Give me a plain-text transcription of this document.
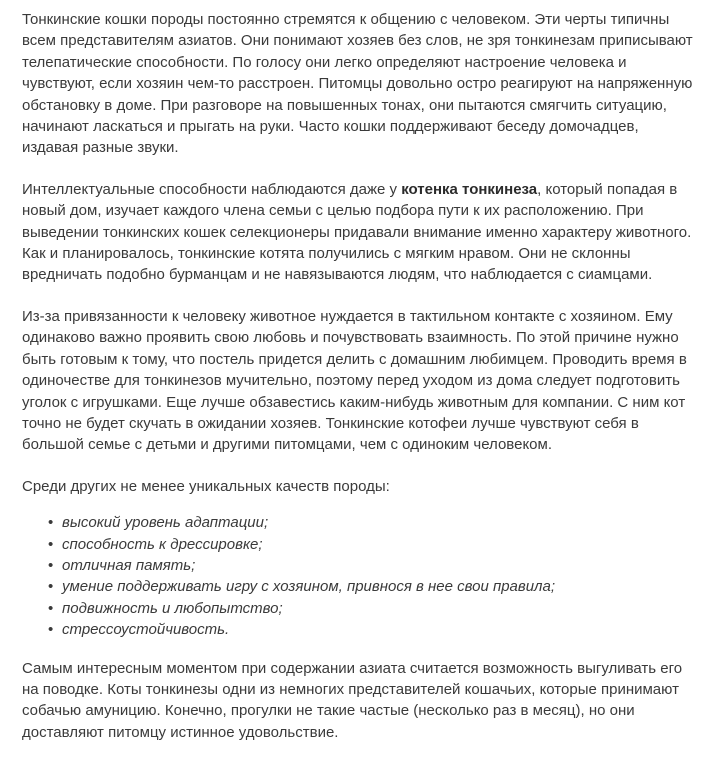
Тонкинские кошки породы постоянно стремятся к общению с человеком. Эти черты типичны всем представителям азиатов. Они понимают хозяев без слов, не зря тонкинезам приписывают телепатические способности. По голосу они легко определяют настроение человека и чувствуют, если хозяин чем-то расстроен. Питомцы довольно остро реагируют на напряженную обстановку в доме. При разговоре на повышенных тонах, они пытаются смягчить ситуацию, начинают ласкаться и прыгать на руки. Часто кошки поддерживают беседу домочадцев, издавая разные звуки.

Интеллектуальные способности наблюдаются даже у котенка тонкинеза, который попадая в новый дом, изучает каждого члена семьи с целью подбора пути к их расположению. При выведении тонкинских кошек селекционеры придавали внимание именно характеру животного. Как и планировалось, тонкинские котята получились с мягким нравом. Они не склонны вредничать подобно бурманцам и не навязываются людям, что наблюдается с сиамцами.

Из-за привязанности к человеку животное нуждается в тактильном контакте с хозяином. Ему одинаково важно проявить свою любовь и почувствовать взаимность. По этой причине нужно быть готовым к тому, что постель придется делить с домашним любимцем. Проводить время в одиночестве для тонкинезов мучительно, поэтому перед уходом из дома следует подготовить уголок с игрушками. Еще лучше обзавестись каким-нибудь животным для компании. С ним кот точно не будет скучать в ожидании хозяев. Тонкинские котофеи лучше чувствуют себя в большой семье с детьми и другими питомцами, чем с одиноким человеком.

Среди других не менее уникальных качеств породы:

• высокий уровень адаптации;
• способность к дрессировке;
• отличная память;
• умение поддерживать игру с хозяином, привнося в нее свои правила;
• подвижность и любопытство;
• стрессоустойчивость.

Самым интересным моментом при содержании азиата считается возможность выгуливать его на поводке. Коты тонкинезы одни из немногих представителей кошачьих, которые принимают собачью амуницию. Конечно, прогулки не такие частые (несколько раз в месяц), но они доставляют питомцу истинное удовольствие.
